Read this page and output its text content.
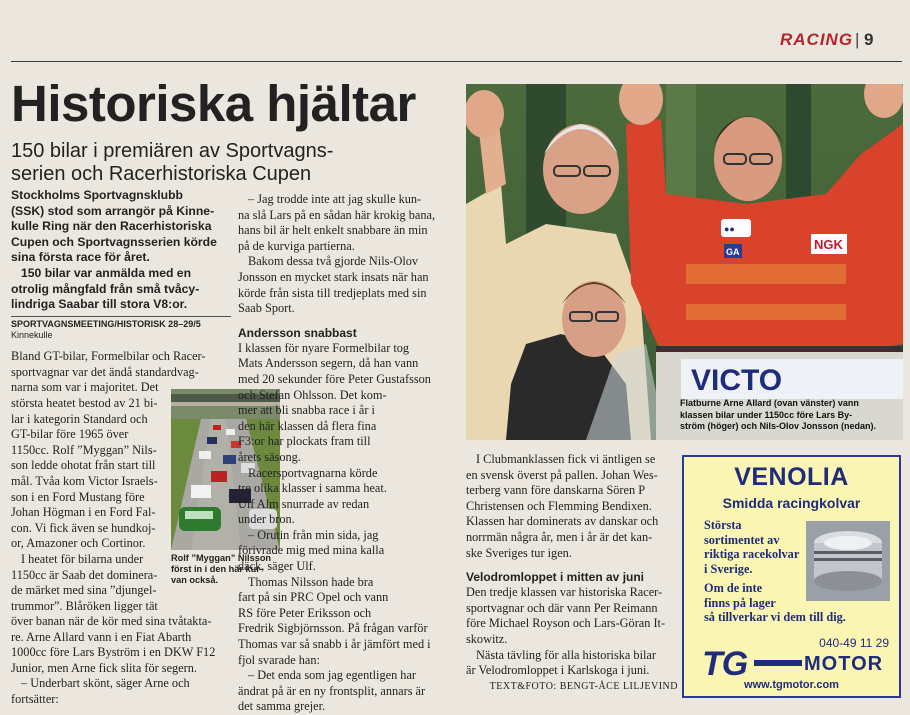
RACING | 9
Historiska hjältar
150 bilar i premiären av Sportvagns-
serien och Racerhistoriska Cupen

Stockholms Sportvagnsklubb
(SSK) stod som arrangör på Kinne-
kulle Ring när den Racerhistoriska
Cupen och Sportvagnsserien körde
sina första race för året.

150 bilar var anmälda med en
otrolig mångfald från små tvåcy-
lindriga Saabar till stora V8:or.

SPORTVAGNSMEETING/HISTORISK 28–29/5
Kinnekulle

Bland GT-bilar, Formelbilar och Racer-
sportvagnar var det ändå standardvag-
narna som var i majoritet. Det

största heatet bestod av 21 bi-
lar i kategorin Standard och
GT-bilar före 1965 över
1150cc. Rolf ”Myggan” Nils-
son ledde ohotat från start till
mål. Tvåa kom Victor Israels-
son i en Ford Mustang före
Johan Högman i en Ford Fal-
con. Vi fick även se hundkoj-
or, Amazoner och Cortinor.

I heatet för bilarna under
1150cc är Saab det dominera-
de märket med sina ”djungel-
trummor”. Blåröken ligger tät

över banan när de kör med sina tvåtakta-
re. Arne Allard vann i en Fiat Abarth
1000cc före Lars Byström i en DKW F12
Junior, men Arne fick slita för segern.

– Underbart skönt, säger Arne och
fortsätter:

Rolf ”Myggan” Nilsson
först in i den här kur-
van också.

– Jag trodde inte att jag skulle kun-
na slå Lars på en sådan här krokig bana,
hans bil är helt enkelt snabbare än min
på de kurviga partierna.

Bakom dessa två gjorde Nils-Olov
Jonsson en mycket stark insats när han
körde från sista till tredjeplats med sin
Saab Sport.

Andersson snabbast

I klassen för nyare Formelbilar tog
Mats Andersson segern, då han vann
med 20 sekunder före Peter Gustafsson
och Stefan Ohlsson. Det kom-
mer att bli snabba race i år i
den här klassen då flera fina
F3:or har plockats fram till
årets säsong.

Racersportvagnarna körde
tre olika klasser i samma heat.
Ulf Alm snurrade av redan
under bron.

– Orutin från min sida, jag
förivrade mig med mina kalla
däck, säger Ulf.

Thomas Nilsson hade bra
fart på sin PRC Opel och vann
RS före Peter Eriksson och
Fredrik Sigbjörnsson. På frågan varför
Thomas var så snabb i år jämfört med i
fjol svarade han:

– Det enda som jag egentligen har
ändrat på är en ny frontsplit, annars är
det samma grejer.

●●
NGK
GA
VICTO
Flatburne Arne Allard (ovan vänster) vann
klassen bilar under 1150cc före Lars By-
ström (höger) och Nils-Olov Jonsson (nedan).

I Clubmanklassen fick vi äntligen se
en svensk överst på pallen. Johan Wes-
terberg vann före danskarna Sören P
Christensen och Flemming Bendixen.
Klassen har dominerats av danskar och
norrmän några år, men i år är det kan-
ske Sveriges tur igen.

Velodromloppet i mitten av juni

Den tredje klassen var historiska Racer-
sportvagnar och där vann Per Reimann
före Michael Royson och Lars-Göran It-
skowitz.

Nästa tävling för alla historiska bilar
är Velodromloppet i Karlskoga i juni.

TEXT&FOTO: BENGT-ÅCE LILJEVIND
VENOLIA
Smidda racingkolvar
Största
sortimentet av
riktiga racekolvar
i Sverige.
Om de inte
finns på lager
så tillverkar vi dem till dig.
040-49 11 29
TG	MOTOR
www.tgmotor.com
